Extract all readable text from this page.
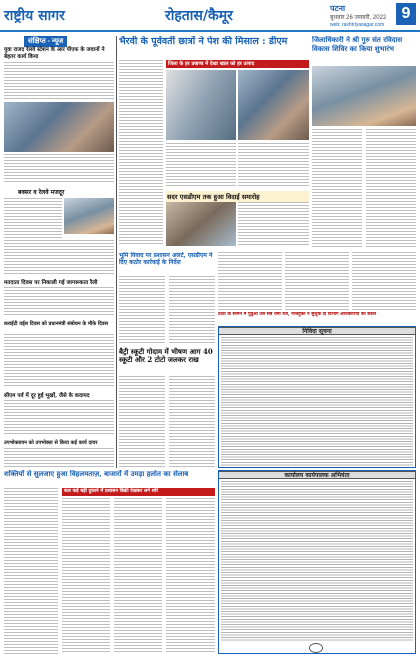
राष्ट्रीय सागर	रोहतास/कैमूर	पटना
बुधवार 26 जनवरी, 2022
web: rashtriyasagar.com
9
संक्षिप्त - न्यूज
युवा राजद रेलवे स्टेशन के आर पीएफ के जवानों ने बेहतर कार्य किया
बक्सर व रेलवे मजदूर
मतदाता दिवस पर निकाली गई जागरूकता रैली
कराईटी वर्ड्स दिवस को प्रधानमंत्री संबोधन के मौके दिवस
सीएम पर्व में दूर हुई भूखों, जैसे के कवायद
उपभोक्तायन को उपभोक्ता से किया कई कार्य दायर
भैरवी के पूर्ववर्ती छात्रों ने पेश की मिसाल : डीएम
जिला के हर प्रखण्ड में देखा खाल को हर उत्पाद
सदर एसडीएम तक हुआ विदाई समारोह
जिलाधिकारी ने श्री गुरु संत रविदास विकास शिविर का किया शुभारंभ
भूमि विवाद पर प्रशासन अलर्ट, एसडीएम ने दिए कठोर कार्रवाई के निर्देश
बैट्री स्कूटी गोदाम में भीषण आग 40 स्कूटी और 2 टोटो जलकर राख
ठाठी के सामने में पुत्रुआ उस सब धर्मा रात्र, नाजहुकी ने सुत्तुके दी विभाग अधिकारियों का संडल
निविदा सूचना
शक्तियों से सुलजाए हुआ विहलमताज़, बाजारों में उमड़ा हलोत का सेलाब
कल कई बड़ी दुकाने में प्रशासन बिक्री देखकर लगे शोरे
कार्यालय कार्यपालक अभियंता
